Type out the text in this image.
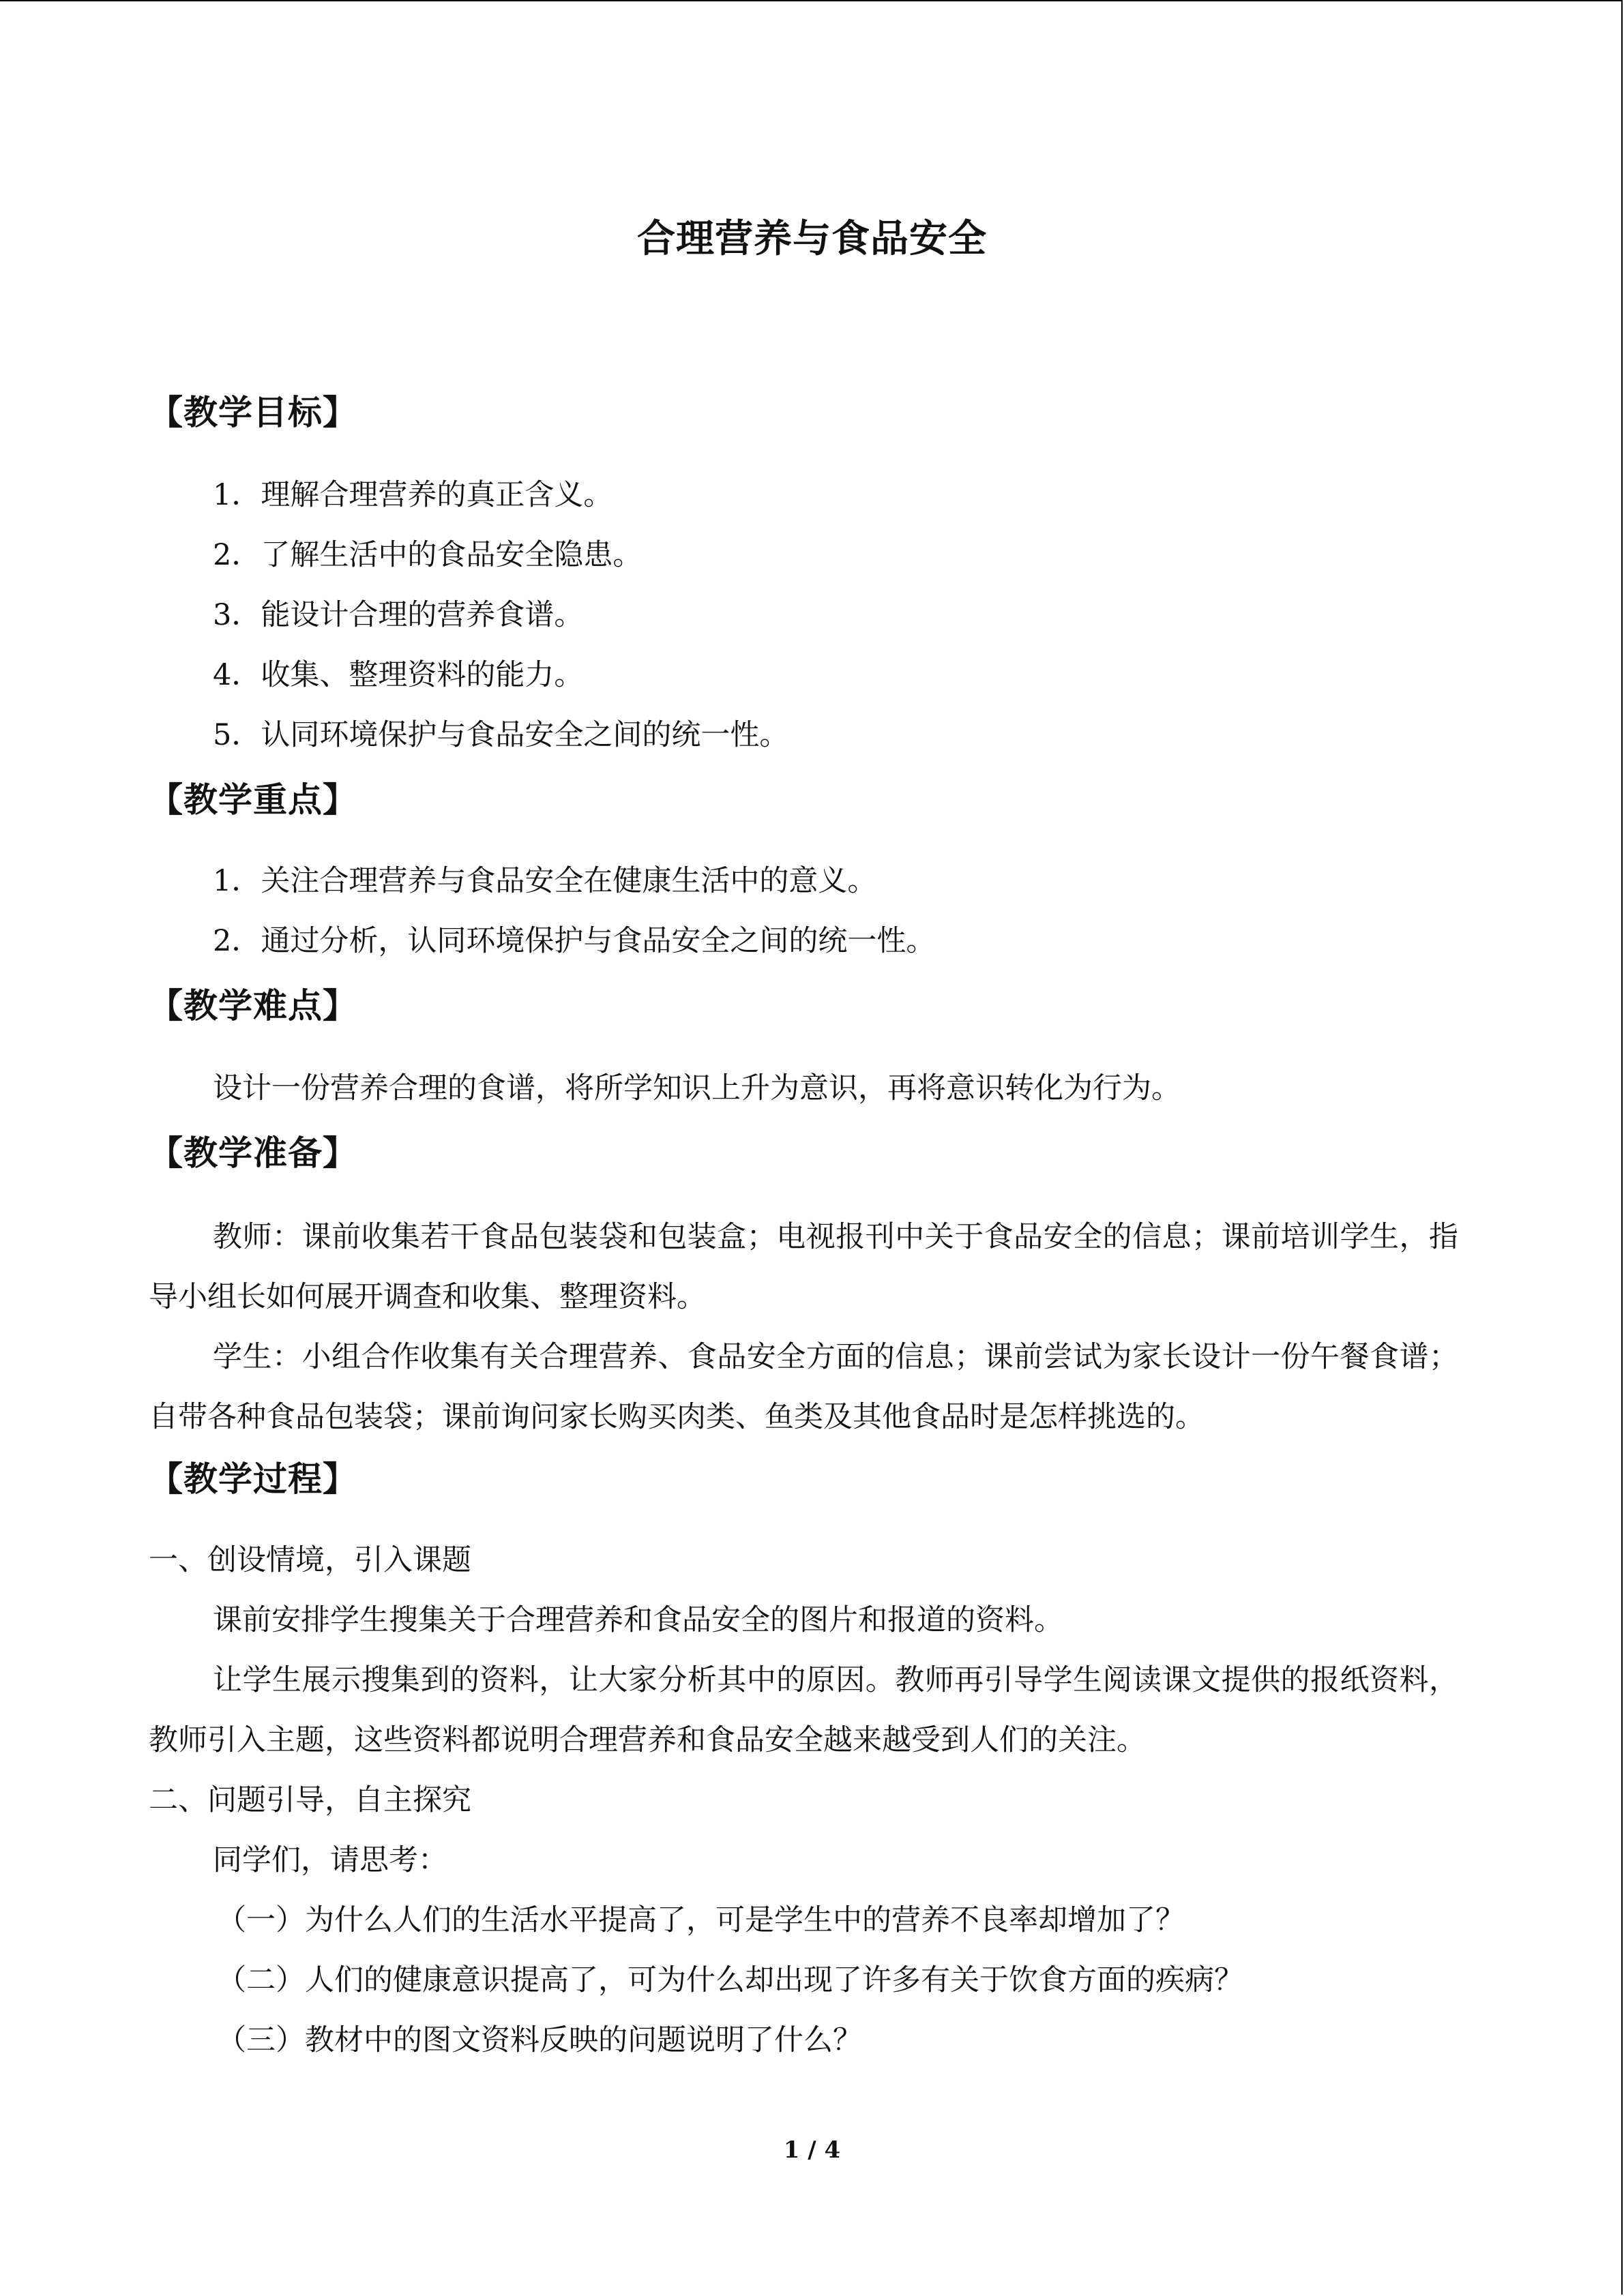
合理营养与食品安全
【教学目标】
1．理解合理营养的真正含义。
2．了解生活中的食品安全隐患。
3．能设计合理的营养食谱。
4．收集、整理资料的能力。
5．认同环境保护与食品安全之间的统一性。
【教学重点】
1．关注合理营养与食品安全在健康生活中的意义。
2．通过分析，认同环境保护与食品安全之间的统一性。
【教学难点】
设计一份营养合理的食谱，将所学知识上升为意识，再将意识转化为行为。
【教学准备】
教师：课前收集若干食品包装袋和包装盒；电视报刊中关于食品安全的信息；课前培训学生，指导小组长如何展开调查和收集、整理资料。
学生：小组合作收集有关合理营养、食品安全方面的信息；课前尝试为家长设计一份午餐食谱；自带各种食品包装袋；课前询问家长购买肉类、鱼类及其他食品时是怎样挑选的。
【教学过程】
一、创设情境，引入课题
课前安排学生搜集关于合理营养和食品安全的图片和报道的资料。
让学生展示搜集到的资料，让大家分析其中的原因。教师再引导学生阅读课文提供的报纸资料，教师引入主题，这些资料都说明合理营养和食品安全越来越受到人们的关注。
二、问题引导，自主探究
同学们，请思考：
（一）为什么人们的生活水平提高了，可是学生中的营养不良率却增加了？
（二）人们的健康意识提高了，可为什么却出现了许多有关于饮食方面的疾病？
（三）教材中的图文资料反映的问题说明了什么？
1 / 4
